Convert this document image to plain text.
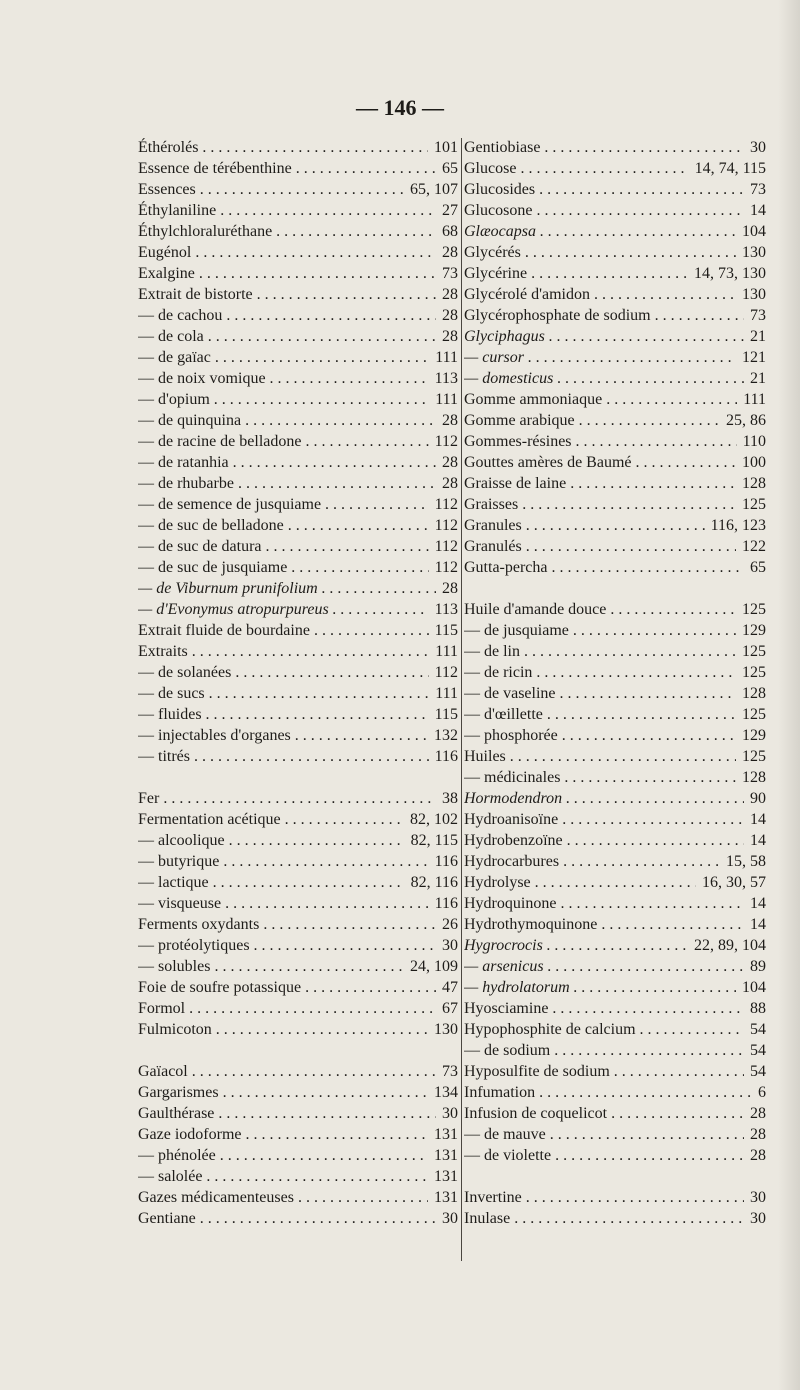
— 146 —
Éthérolés . . .	101
Essence de térébenthine . . .	65
Essences . . .	65, 107
Éthylaniline . . .	27
Éthylchloraluréthane . . .	68
Eugénol . . .	28
Exalgine . . .	73
Extrait de bistorte . . .	28
— de cachou . . .	28
— de cola . . .	28
— de gaïac . . .	111
— de noix vomique . . .	113
— d'opium . . .	111
— de quinquina . . .	28
— de racine de belladone . . .	112
— de ratanhia . . .	28
— de rhubarbe . . .	28
— de semence de jusquiame . . .	112
— de suc de belladone . . .	112
— de suc de datura . . .	112
— de suc de jusquiame . . .	112
— de Viburnum prunifolium . . .	28
— d'Evonymus atropurpureus . . .	113
Extrait fluide de bourdaine . . .	115
Extraits . . .	111
— de solanées . . .	112
— de sucs . . .	111
— fluides . . .	115
— injectables d'organes . . .	132
— titrés . . .	116
Fer . . .	38
Fermentation acétique . . .	82, 102
— alcoolique . . .	82, 115
— butyrique . . .	116
— lactique . . .	82, 116
— visqueuse . . .	116
Ferments oxydants . . .	26
— protéolytiques . . .	30
— solubles . . .	24, 109
Foie de soufre potassique . . .	47
Formol . . .	67
Fulmicoton . . .	130
Gaïacol . . .	73
Gargarismes . . .	134
Gaulthérase . . .	30
Gaze iodoforme . . .	131
— phénolée . . .	131
— salolée . . .	131
Gazes médicamenteuses . . .	131
Gentiane . . .	30
Gentiobiase . . .	30
Glucose . . .	14, 74, 115
Glucosides . . .	73
Glucosone . . .	14
Glæocapsa . . .	104
Glycérés . . .	130
Glycérine . . .	14, 73, 130
Glycérolé d'amidon . . .	130
Glycérophosphate de sodium . . .	73
Glyciphagus . . .	21
— cursor . . .	121
— domesticus . . .	21
Gomme ammoniaque . . .	111
Gomme arabique . . .	25, 86
Gommes-résines . . .	110
Gouttes amères de Baumé . . .	100
Graisse de laine . . .	128
Graisses . . .	125
Granules . . .	116, 123
Granulés . . .	122
Gutta-percha . . .	65
Huile d'amande douce . . .	125
— de jusquiame . . .	129
— de lin . . .	125
— de ricin . . .	125
— de vaseline . . .	128
— d'œillette . . .	125
— phosphorée . . .	129
Huiles . . .	125
— médicinales . . .	128
Hormodendron . . .	90
Hydroanisoïne . . .	14
Hydrobenzoïne . . .	14
Hydrocarbures . . .	15, 58
Hydrolyse . . .	16, 30, 57
Hydroquinone . . .	14
Hydrothymoquinone . . .	14
Hygrocrocis . . .	22, 89, 104
— arsenicus . . .	89
— hydrolatorum . . .	104
Hyosciamine . . .	88
Hypophosphite de calcium . . .	54
— de sodium . . .	54
Hyposulfite de sodium . . .	54
Infumation . . .	6
Infusion de coquelicot . . .	28
— de mauve . . .	28
— de violette . . .	28
Invertine . . .	30
Inulase . . .	30
